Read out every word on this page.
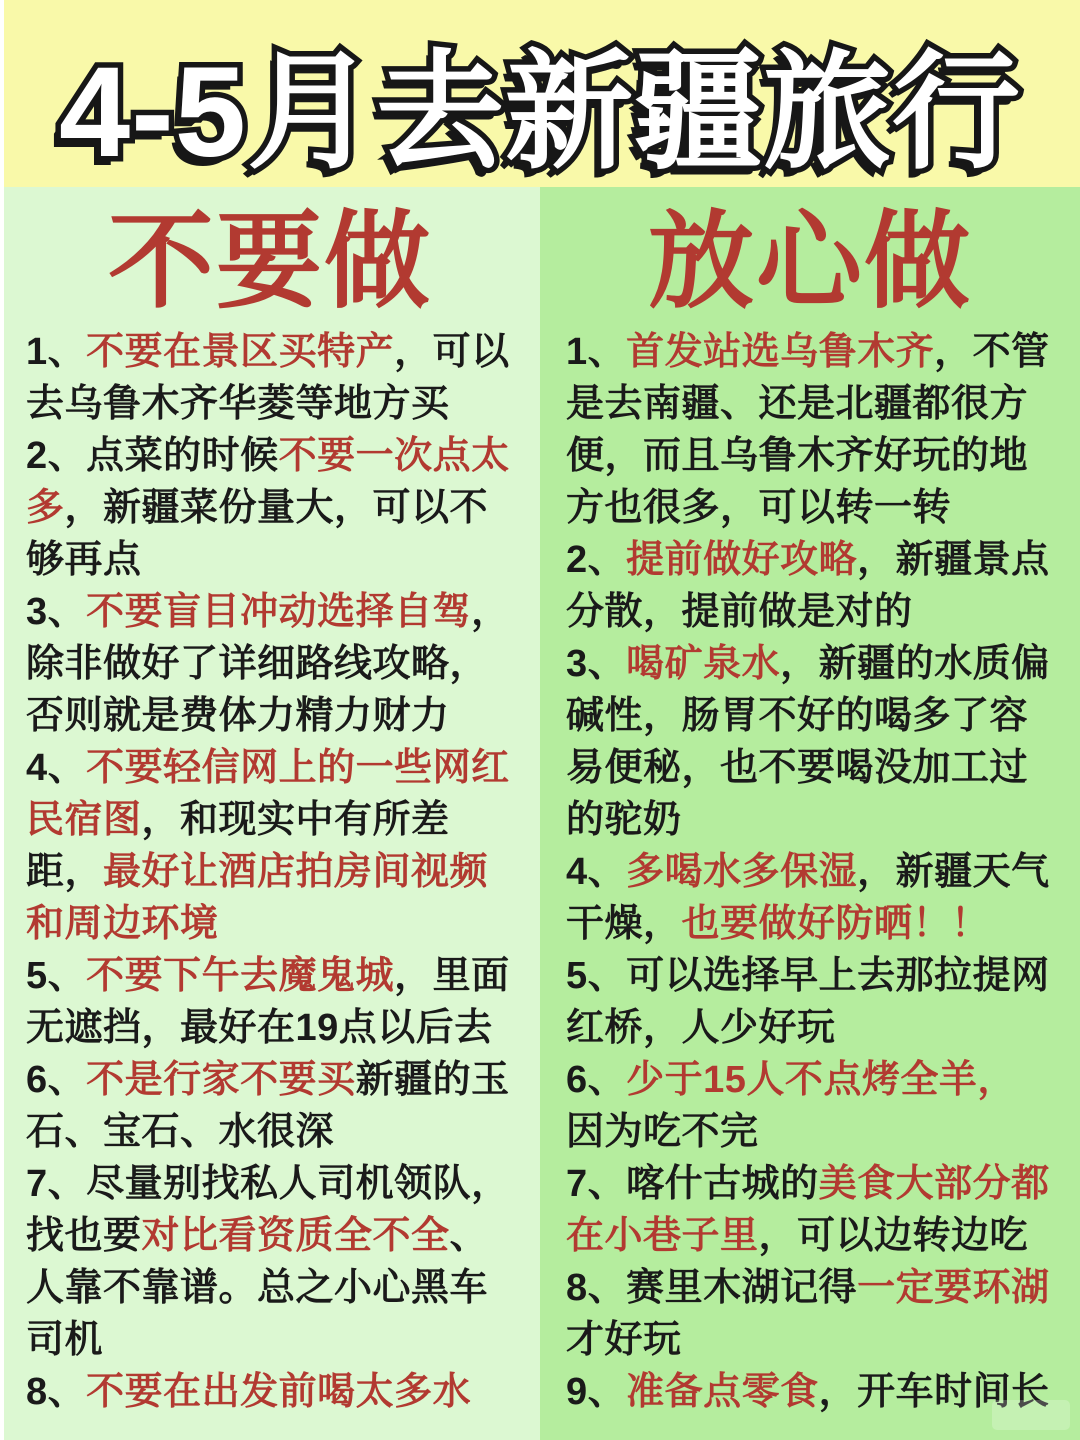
4-5月去新疆旅行
不要做

1、不要在景区买特产，可以去乌鲁木齐华菱等地方买

2、点菜的时候不要一次点太多，新疆菜份量大，可以不够再点

3、不要盲目冲动选择自驾，除非做好了详细路线攻略，否则就是费体力精力财力

4、不要轻信网上的一些网红民宿图，和现实中有所差距，最好让酒店拍房间视频和周边环境

5、不要下午去魔鬼城，里面无遮挡，最好在19点以后去

6、不是行家不要买新疆的玉石、宝石、水很深

7、尽量别找私人司机领队，找也要对比看资质全不全、人靠不靠谱。总之小心黑车司机

8、不要在出发前喝太多水

放心做

1、首发站选乌鲁木齐，不管是去南疆、还是北疆都很方便，而且乌鲁木齐好玩的地方也很多，可以转一转

2、提前做好攻略，新疆景点分散，提前做是对的

3、喝矿泉水，新疆的水质偏碱性，肠胃不好的喝多了容易便秘，也不要喝没加工过的驼奶

4、多喝水多保湿，新疆天气干燥，也要做好防晒！！

5、可以选择早上去那拉提网红桥，人少好玩

6、少于15人不点烤全羊，因为吃不完

7、喀什古城的美食大部分都在小巷子里，可以边转边吃

8、赛里木湖记得一定要环湖才好玩

9、准备点零食，开车时间长
